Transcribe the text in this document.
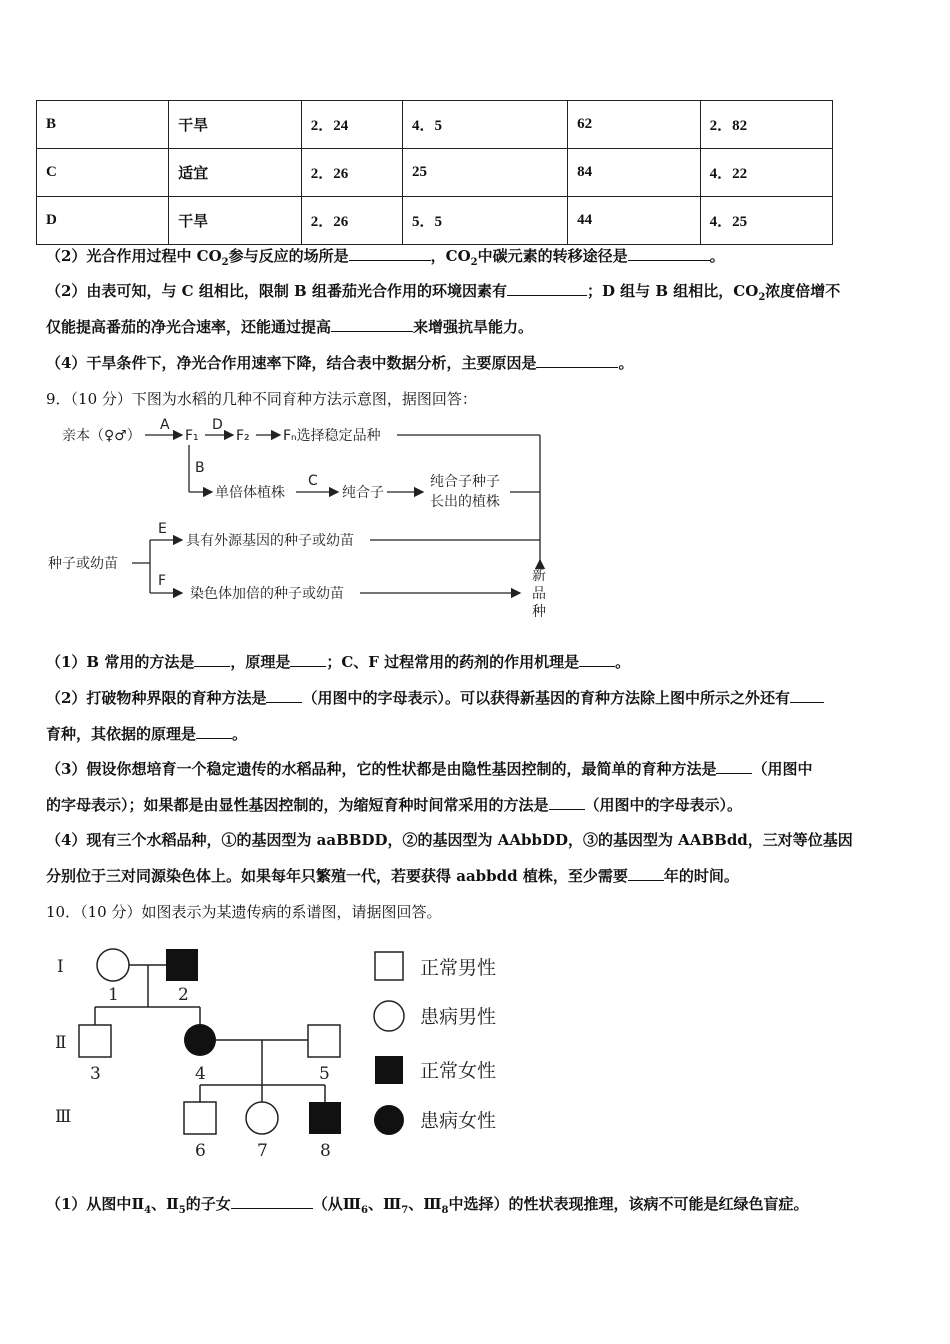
B	干旱	2．24	4．5	62	2．82
C	适宜	2．26	25	84	4．22
D	干旱	2．26	5．5	44	4．25
（2）光合作用过程中 $CO_2$参与反应的场所是	，$CO_2$中碳元素的转移途径是	。
（2）由表可知，与 C 组相比，限制 B 组番茄光合作用的环境因素有	；D 组与 B 组相比，$CO_2$浓度倍增不
仅能提高番茄的净光合速率，还能通过提高	来增强抗旱能力。
（4）干旱条件下，净光合作用速率下降，结合表中数据分析，主要原因是	。
9．（10 分）下图为水稻的几种不同育种方法示意图，据图回答：
亲本（♀♂）
A
F₁
D
F₂ Fₙ选择稳定品种
B
单倍体植株
C
纯合子
纯合子种子
长出的植株
种子或幼苗
E
具有外源基因的种子或幼苗
F
染色体加倍的种子或幼苗
新
品
种
（1）B 常用的方法是 ，原理是 ；C、F 过程常用的药剂的作用机理是 。
（2）打破物种界限的育种方法是 （用图中的字母表示）。可以获得新基因的育种方法除上图中所示之外还有
育种，其依据的原理是 。
（3）假设你想培育一个稳定遗传的水稻品种，它的性状都是由隐性基因控制的，最简单的育种方法是 （用图中
的字母表示）；如果都是由显性基因控制的，为缩短育种时间常采用的方法是 （用图中的字母表示）。
（4）现有三个水稻品种，①的基因型为 aaBBDD，②的基因型为 AAbbDD，③的基因型为 AABBdd，三对等位基因
分别位于三对同源染色体上。如果每年只繁殖一代，若要获得 aabbdd 植株，至少需要 年的时间。
10．（10 分）如图表示为某遗传病的系谱图，请据图回答。
I
Ⅱ
Ⅲ
1	2
3	4	5
6	7	8
正常男性
患病男性
正常女性
患病女性
（1）从图中$Ⅱ_4$、$Ⅱ_5$的子女	（从$Ⅲ_6$、$Ⅲ_7$、$Ⅲ_8$中选择）的性状表现推理，该病不可能是红绿色盲症。
